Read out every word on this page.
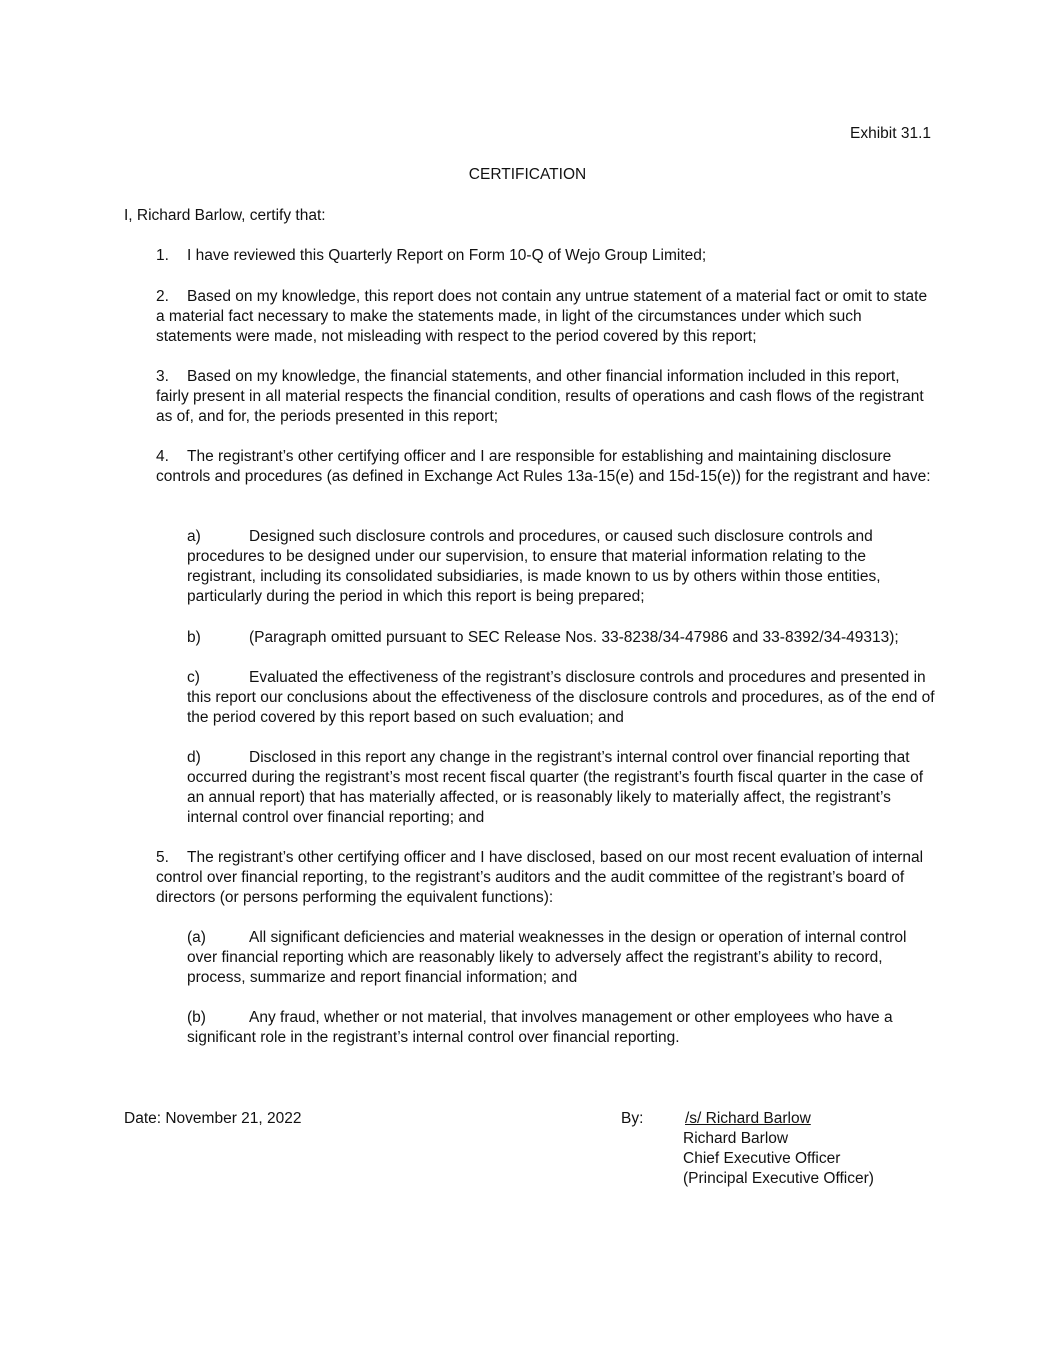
Exhibit 31.1
CERTIFICATION
I, Richard Barlow, certify that:
1. I have reviewed this Quarterly Report on Form 10-Q of Wejo Group Limited;
2. Based on my knowledge, this report does not contain any untrue statement of a material fact or omit to state a material fact necessary to make the statements made, in light of the circumstances under which such statements were made, not misleading with respect to the period covered by this report;
3. Based on my knowledge, the financial statements, and other financial information included in this report, fairly present in all material respects the financial condition, results of operations and cash flows of the registrant as of, and for, the periods presented in this report;
4. The registrant’s other certifying officer and I are responsible for establishing and maintaining disclosure controls and procedures (as defined in Exchange Act Rules 13a-15(e) and 15d-15(e)) for the registrant and have:
a)	Designed such disclosure controls and procedures, or caused such disclosure controls and procedures to be designed under our supervision, to ensure that material information relating to the registrant, including its consolidated subsidiaries, is made known to us by others within those entities, particularly during the period in which this report is being prepared;
b)	(Paragraph omitted pursuant to SEC Release Nos. 33-8238/34-47986 and 33-8392/34-49313);
c)	Evaluated the effectiveness of the registrant’s disclosure controls and procedures and presented in this report our conclusions about the effectiveness of the disclosure controls and procedures, as of the end of the period covered by this report based on such evaluation; and
d)	Disclosed in this report any change in the registrant’s internal control over financial reporting that occurred during the registrant’s most recent fiscal quarter (the registrant’s fourth fiscal quarter in the case of an annual report) that has materially affected, or is reasonably likely to materially affect, the registrant’s internal control over financial reporting; and
5. The registrant’s other certifying officer and I have disclosed, based on our most recent evaluation of internal control over financial reporting, to the registrant’s auditors and the audit committee of the registrant’s board of directors (or persons performing the equivalent functions):
(a)	All significant deficiencies and material weaknesses in the design or operation of internal control over financial reporting which are reasonably likely to adversely affect the registrant’s ability to record, process, summarize and report financial information; and
(b)	Any fraud, whether or not material, that involves management or other employees who have a significant role in the registrant’s internal control over financial reporting.
Date: November 21, 2022	By:	/s/ Richard Barlow
Richard Barlow
Chief Executive Officer
(Principal Executive Officer)
